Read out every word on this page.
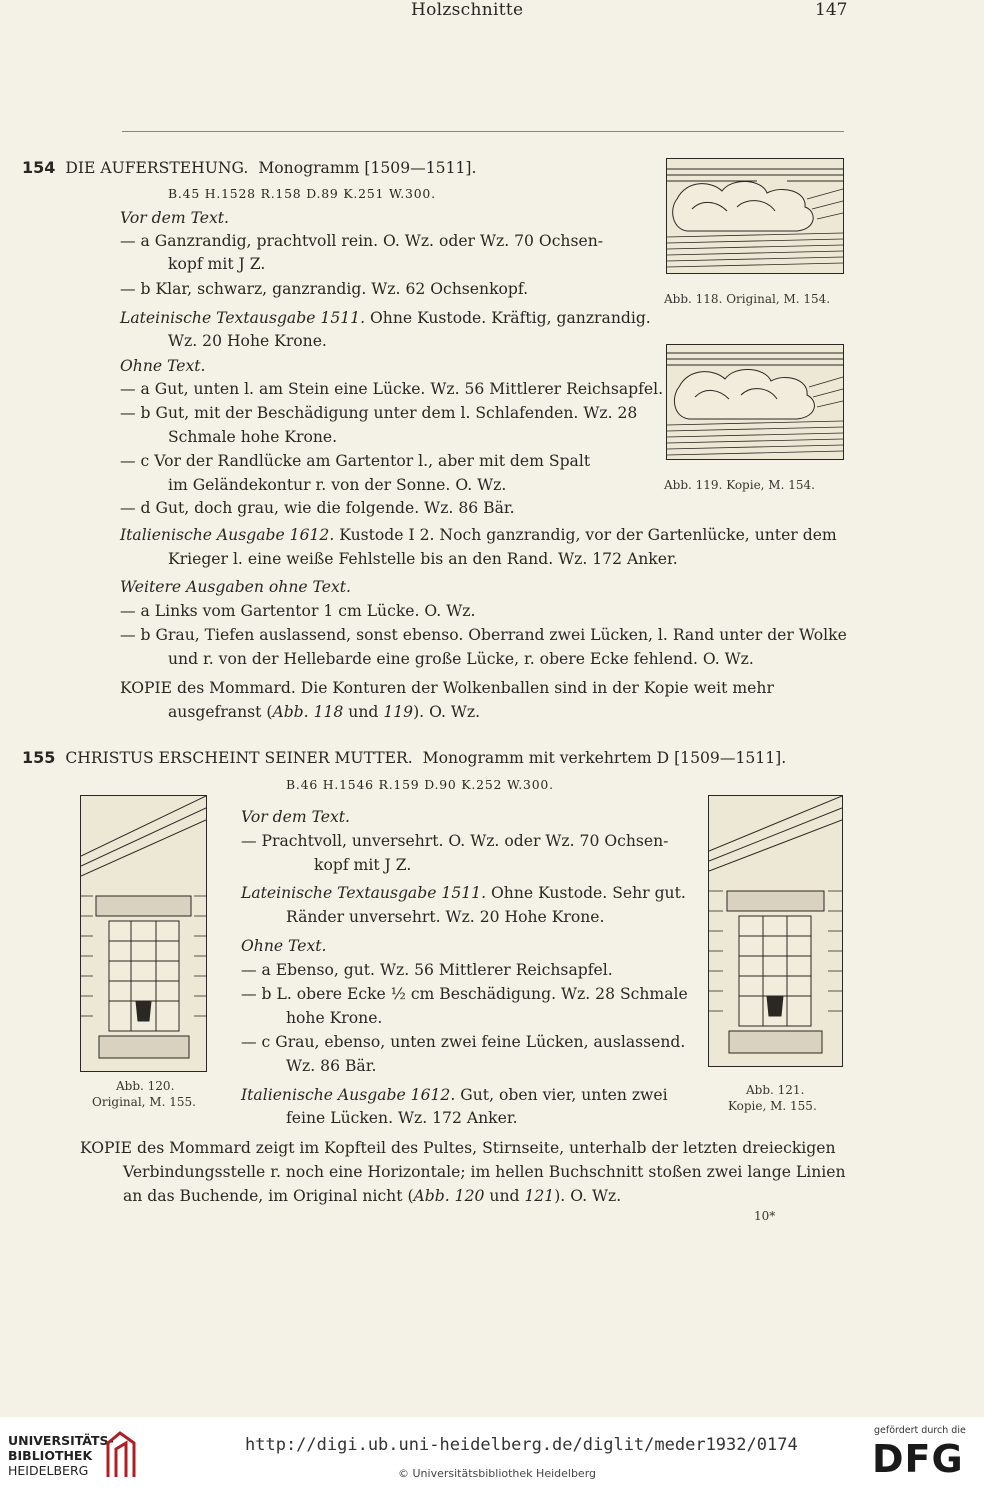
Holzschnitte	147
154 DIE AUFERSTEHUNG. Monogramm [1509—1511].
B.45 H.1528 R.158 D.89 K.251 W.300.
Vor dem Text.
— a Ganzrandig, prachtvoll rein. O. Wz. oder Wz. 70 Ochsen-
kopf mit J Z.
— b Klar, schwarz, ganzrandig. Wz. 62 Ochsenkopf.
Lateinische Textausgabe 1511. Ohne Kustode. Kräftig, ganzrandig.
Wz. 20 Hohe Krone.
Ohne Text.
— a Gut, unten l. am Stein eine Lücke. Wz. 56 Mittlerer Reichsapfel.
— b Gut, mit der Beschädigung unter dem l. Schlafenden. Wz. 28
Schmale hohe Krone.
— c Vor der Randlücke am Gartentor l., aber mit dem Spalt
im Geländekontur r. von der Sonne. O. Wz.
— d Gut, doch grau, wie die folgende. Wz. 86 Bär.
Italienische Ausgabe 1612. Kustode I 2. Noch ganzrandig, vor der Gartenlücke, unter dem
Krieger l. eine weiße Fehlstelle bis an den Rand. Wz. 172 Anker.
Weitere Ausgaben ohne Text.
— a Links vom Gartentor 1 cm Lücke. O. Wz.
— b Grau, Tiefen auslassend, sonst ebenso. Oberrand zwei Lücken, l. Rand unter der Wolke
und r. von der Hellebarde eine große Lücke, r. obere Ecke fehlend. O. Wz.
KOPIE des Mommard. Die Konturen der Wolkenballen sind in der Kopie weit mehr
ausgefranst (Abb. 118 und 119). O. Wz.
Abb. 118. Original, M. 154.
Abb. 119. Kopie, M. 154.
155 CHRISTUS ERSCHEINT SEINER MUTTER. Monogramm mit verkehrtem D [1509—1511].
B.46 H.1546 R.159 D.90 K.252 W.300.
Vor dem Text.
— Prachtvoll, unversehrt. O. Wz. oder Wz. 70 Ochsen-
kopf mit J Z.
Lateinische Textausgabe 1511. Ohne Kustode. Sehr gut.
Ränder unversehrt. Wz. 20 Hohe Krone.
Ohne Text.
— a Ebenso, gut. Wz. 56 Mittlerer Reichsapfel.
— b L. obere Ecke ½ cm Beschädigung. Wz. 28 Schmale
hohe Krone.
— c Grau, ebenso, unten zwei feine Lücken, auslassend.
Wz. 86 Bär.
Italienische Ausgabe 1612. Gut, oben vier, unten zwei
feine Lücken. Wz. 172 Anker.
KOPIE des Mommard zeigt im Kopfteil des Pultes, Stirnseite, unterhalb der letzten dreieckigen
Verbindungsstelle r. noch eine Horizontale; im hellen Buchschnitt stoßen zwei lange Linien
an das Buchende, im Original nicht (Abb. 120 und 121). O. Wz.
Abb. 120.
Original, M. 155.
Abb. 121.
Kopie, M. 155.
10*
UNIVERSITÄTS-
BIBLIOTHEK
HEIDELBERG
http://digi.ub.uni-heidelberg.de/diglit/meder1932/0174
© Universitätsbibliothek Heidelberg
gefördert durch die
DFG
